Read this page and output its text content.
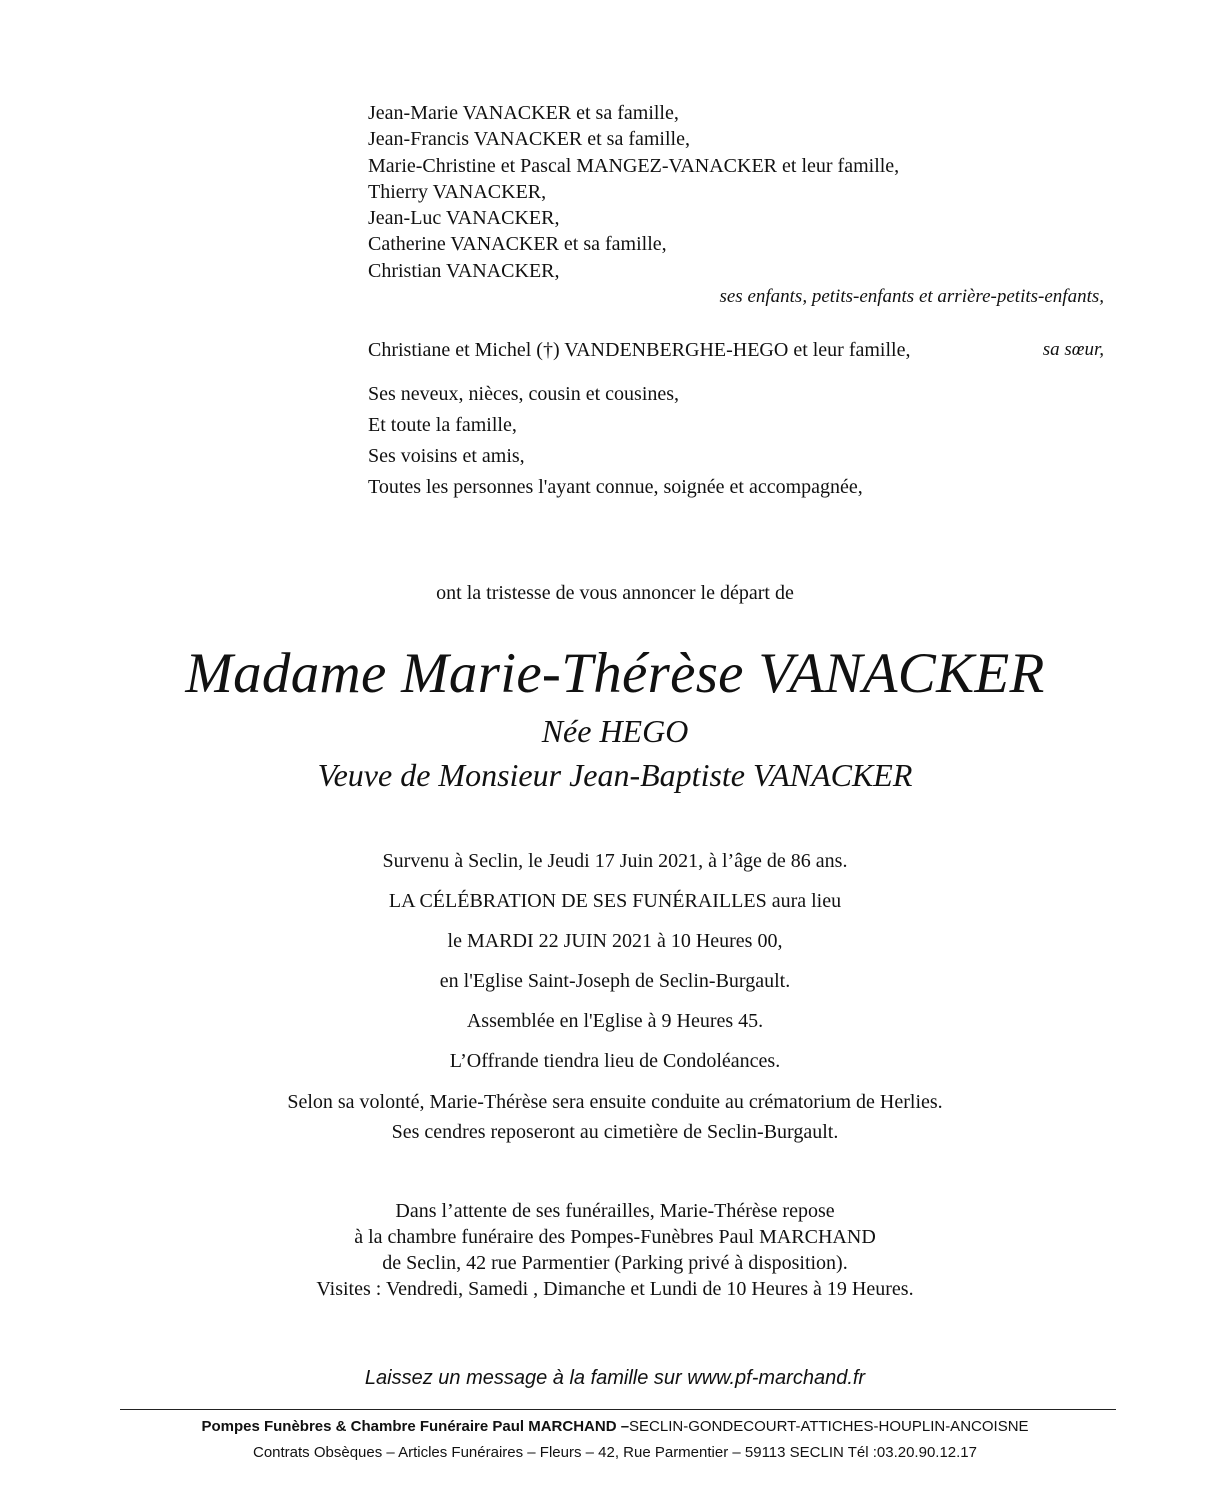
Jean-Marie VANACKER et sa famille,
Jean-Francis VANACKER et sa famille,
Marie-Christine et Pascal MANGEZ-VANACKER et leur famille,
Thierry VANACKER,
Jean-Luc VANACKER,
Catherine VANACKER et sa famille,
Christian VANACKER,
ses enfants, petits-enfants et arrière-petits-enfants,
Christiane et Michel (†) VANDENBERGHE-HEGO et leur famille,	sa sœur,
Ses neveux, nièces, cousin et cousines,
Et toute la famille,
Ses voisins et amis,
Toutes les personnes l'ayant connue, soignée et accompagnée,
ont la tristesse de vous annoncer le départ de
Madame Marie-Thérèse VANACKER
Née HEGO
Veuve de Monsieur Jean-Baptiste VANACKER
Survenu à Seclin, le Jeudi 17 Juin 2021, à l’âge de 86 ans.
LA CÉLÉBRATION DE SES FUNÉRAILLES aura lieu
le MARDI 22 JUIN 2021 à 10 Heures 00,
en l'Eglise Saint-Joseph de Seclin-Burgault.
Assemblée en l'Eglise à 9 Heures 45.
L’Offrande tiendra lieu de Condoléances.
Selon sa volonté, Marie-Thérèse sera ensuite conduite au crématorium de Herlies.
Ses cendres reposeront au cimetière de Seclin-Burgault.
Dans l’attente de ses funérailles, Marie-Thérèse repose
à la chambre funéraire des Pompes-Funèbres Paul MARCHAND
de Seclin, 42 rue Parmentier (Parking privé à disposition).
Visites : Vendredi, Samedi , Dimanche et Lundi de 10 Heures à 19 Heures.
Laissez un message à la famille sur www.pf-marchand.fr
Pompes Funèbres & Chambre Funéraire Paul MARCHAND –SECLIN-GONDECOURT-ATTICHES-HOUPLIN-ANCOISNE
Contrats Obsèques – Articles Funéraires – Fleurs – 42, Rue Parmentier – 59113 SECLIN Tél :03.20.90.12.17
